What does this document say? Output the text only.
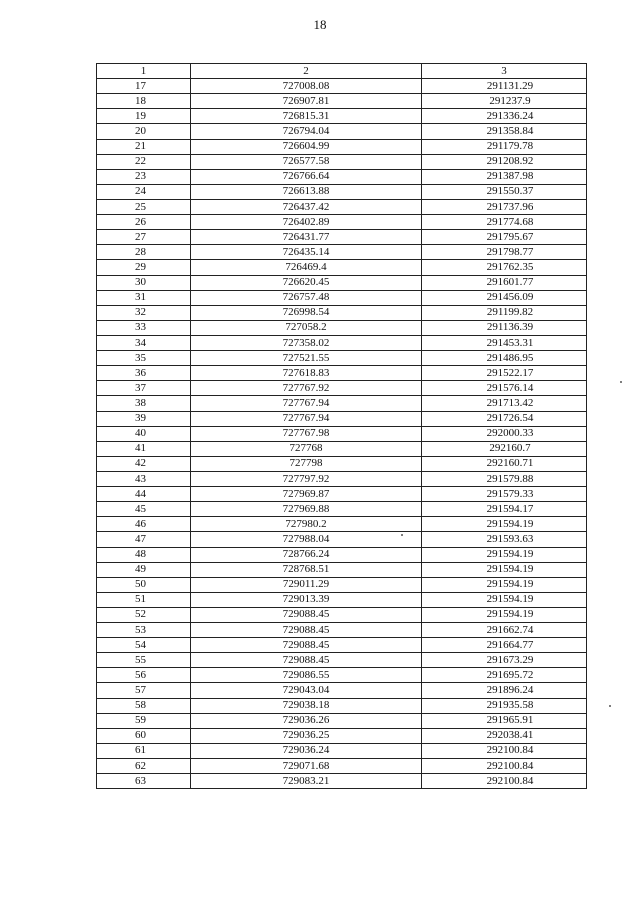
18
1	2	3
17	727008.08	291131.29
18	726907.81	291237.9
19	726815.31	291336.24
20	726794.04	291358.84
21	726604.99	291179.78
22	726577.58	291208.92
23	726766.64	291387.98
24	726613.88	291550.37
25	726437.42	291737.96
26	726402.89	291774.68
27	726431.77	291795.67
28	726435.14	291798.77
29	726469.4	291762.35
30	726620.45	291601.77
31	726757.48	291456.09
32	726998.54	291199.82
33	727058.2	291136.39
34	727358.02	291453.31
35	727521.55	291486.95
36	727618.83	291522.17
37	727767.92	291576.14
38	727767.94	291713.42
39	727767.94	291726.54
40	727767.98	292000.33
41	727768	292160.7
42	727798	292160.71
43	727797.92	291579.88
44	727969.87	291579.33
45	727969.88	291594.17
46	727980.2	291594.19
47	727988.04	291593.63
48	728766.24	291594.19
49	728768.51	291594.19
50	729011.29	291594.19
51	729013.39	291594.19
52	729088.45	291594.19
53	729088.45	291662.74
54	729088.45	291664.77
55	729088.45	291673.29
56	729086.55	291695.72
57	729043.04	291896.24
58	729038.18	291935.58
59	729036.26	291965.91
60	729036.25	292038.41
61	729036.24	292100.84
62	729071.68	292100.84
63	729083.21	292100.84
